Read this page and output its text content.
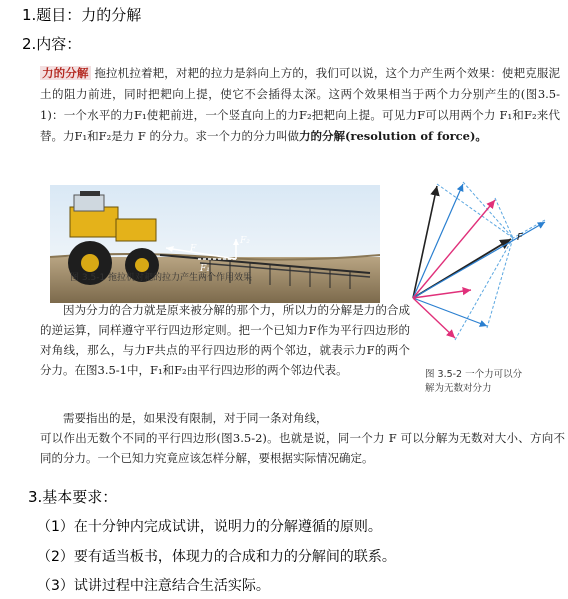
1.题目：力的分解
2.内容：
力的分解 拖拉机拉着耙，对耙的拉力是斜向上方的，我们可以说，这个力产生两个效果：使耙克服泥土的阻力前进，同时把耙向上提，使它不会插得太深。这两个效果相当于两个力分别产生的(图3.5-1)：一个水平的力F₁使耙前进，一个竖直向上的力F₂把耙向上提。可见力F可以用两个力 F₁和F₂来代替。力F₁和F₂是力 F 的分力。求一个力的分力叫做力的分解(resolution of force)。
F
F₂
F₁
图 3.5-1 拖拉机对耙的拉力产生两个作用效果
F
图 3.5-2 一个力可以分解为无数对分力
因为分力的合力就是原来被分解的那个力，所以力的分解是力的合成的逆运算，同样遵守平行四边形定则。把一个已知力F作为平行四边形的对角线，那么，与力F共点的平行四边形的两个邻边，就表示力F的两个分力。在图3.5-1中，F₁和F₂由平行四边形的两个邻边代表。
需要指出的是，如果没有限制，对于同一条对角线，
可以作出无数个不同的平行四边形(图3.5-2)。也就是说，同一个力 F 可以分解为无数对大小、方向不同的分力。一个已知力究竟应该怎样分解，要根据实际情况确定。
3.基本要求：
（1）在十分钟内完成试讲，说明力的分解遵循的原则。
（2）要有适当板书，体现力的合成和力的分解间的联系。
（3）试讲过程中注意结合生活实际。
